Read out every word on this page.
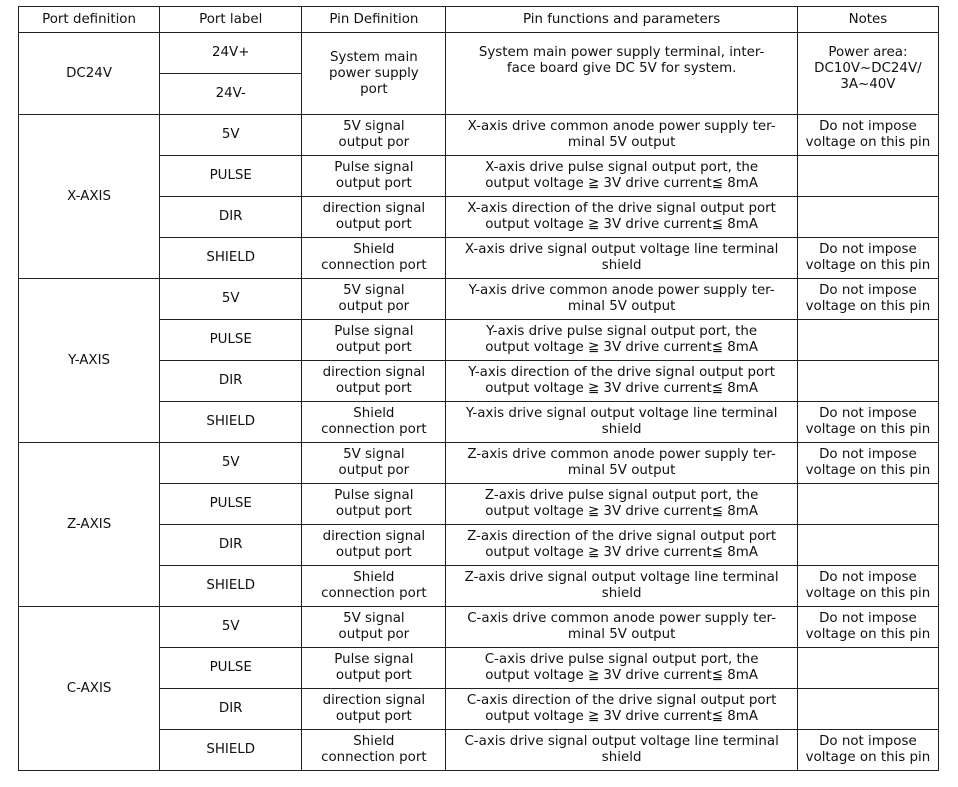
Port definition	Port label	Pin Definition	Pin functions and parameters	Notes
DC24V	24V+	System main
power supply
port	System main power supply terminal, inter-
face board give DC 5V for system.	Power area:
DC10V~DC24V/
3A~40V
	24V-			
X-AXIS	5V	5V signal
output por	X-axis drive common anode power supply ter-
minal 5V output	Do not impose
voltage on this pin
	PULSE	Pulse signal
output port	X-axis drive pulse signal output port, the
output voltage ≧ 3V drive current≦ 8mA	
	DIR	direction signal
output port	X-axis direction of the drive signal output port
output voltage ≧ 3V drive current≦ 8mA	
	SHIELD	Shield
connection port	X-axis drive signal output voltage line terminal
shield	Do not impose
voltage on this pin
Y-AXIS	5V	5V signal
output por	Y-axis drive common anode power supply ter-
minal 5V output	Do not impose
voltage on this pin
	PULSE	Pulse signal
output port	Y-axis drive pulse signal output port, the
output voltage ≧ 3V drive current≦ 8mA	
	DIR	direction signal
output port	Y-axis direction of the drive signal output port
output voltage ≧ 3V drive current≦ 8mA	
	SHIELD	Shield
connection port	Y-axis drive signal output voltage line terminal
shield	Do not impose
voltage on this pin
Z-AXIS	5V	5V signal
output por	Z-axis drive common anode power supply ter-
minal 5V output	Do not impose
voltage on this pin
	PULSE	Pulse signal
output port	Z-axis drive pulse signal output port, the
output voltage ≧ 3V drive current≦ 8mA	
	DIR	direction signal
output port	Z-axis direction of the drive signal output port
output voltage ≧ 3V drive current≦ 8mA	
	SHIELD	Shield
connection port	Z-axis drive signal output voltage line terminal
shield	Do not impose
voltage on this pin
C-AXIS	5V	5V signal
output por	C-axis drive common anode power supply ter-
minal 5V output	Do not impose
voltage on this pin
	PULSE	Pulse signal
output port	C-axis drive pulse signal output port, the
output voltage ≧ 3V drive current≦ 8mA	
	DIR	direction signal
output port	C-axis direction of the drive signal output port
output voltage ≧ 3V drive current≦ 8mA	
	SHIELD	Shield
connection port	C-axis drive signal output voltage line terminal
shield	Do not impose
voltage on this pin
